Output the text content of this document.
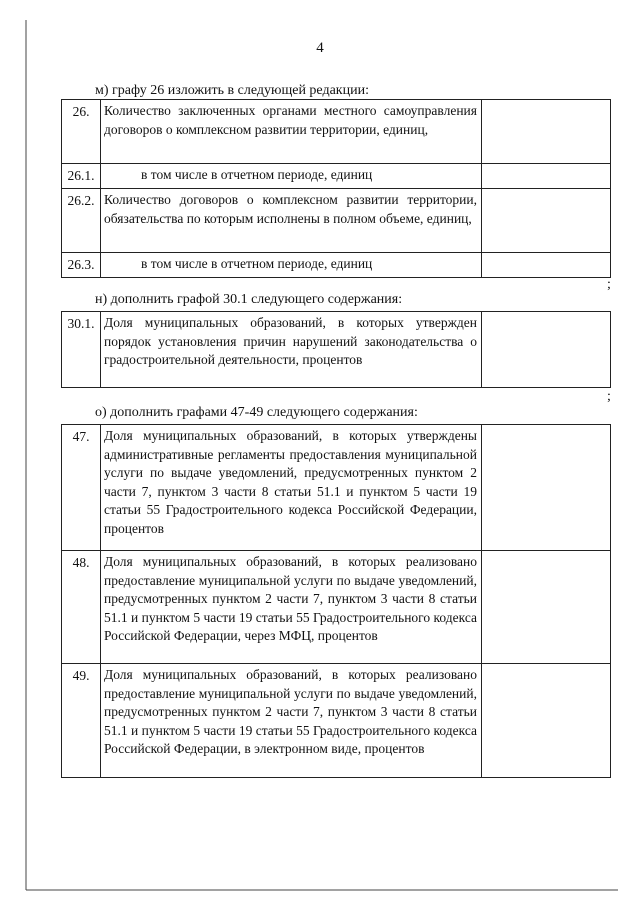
4
м) графу 26 изложить в следующей редакции:
26.	Количество заключенных органами местного самоуправления договоров о комплексном развитии территории, единиц,	
26.1.	в том числе в отчетном периоде, единиц	
26.2.	Количество договоров о комплексном развитии территории, обязательства по которым исполнены в полном объеме, единиц,	
26.3.	в том числе в отчетном периоде, единиц	
;
н) дополнить графой 30.1 следующего содержания:
30.1.	Доля муниципальных образований, в которых утвержден порядок установления причин нарушений законодательства о градостроительной деятельности, процентов	
;
о) дополнить графами 47-49 следующего содержания:
47.	Доля муниципальных образований, в которых утверждены административные регламенты предоставления муниципальной услуги по выдаче уведомлений, предусмотренных пунктом 2 части 7, пунктом 3 части 8 статьи 51.1 и пунктом 5 части 19 статьи 55 Градостроительного кодекса Российской Федерации, процентов	
48.	Доля муниципальных образований, в которых реализовано предоставление муниципальной услуги по выдаче уведомлений, предусмотренных пунктом 2 части 7, пунктом 3 части 8 статьи 51.1 и пунктом 5 части 19 статьи 55 Градостроительного кодекса Российской Федерации, через МФЦ, процентов	
49.	Доля муниципальных образований, в которых реализовано предоставление муниципальной услуги по выдаче уведомлений, предусмотренных пунктом 2 части 7, пунктом 3 части 8 статьи 51.1 и пунктом 5 части 19 статьи 55 Градостроительного кодекса Российской Федерации, в электронном виде, процентов	
